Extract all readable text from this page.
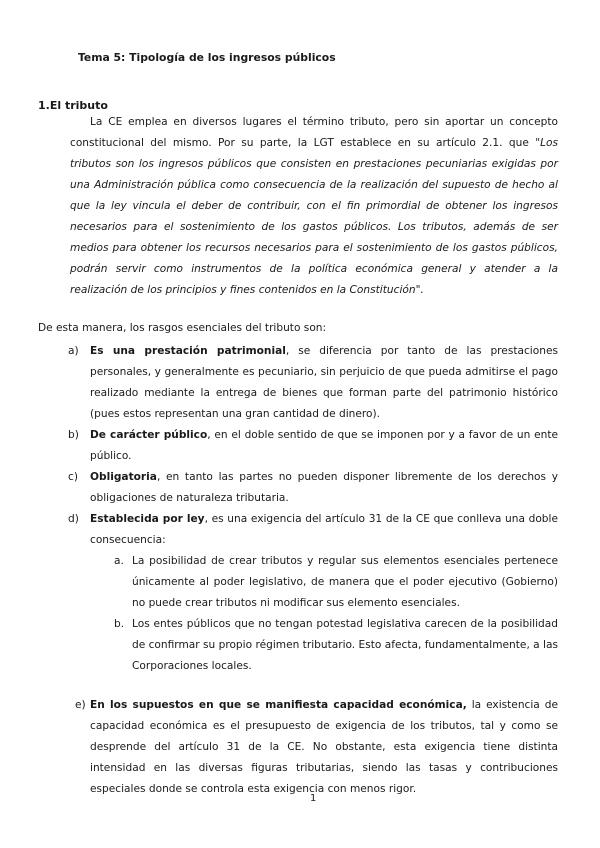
Tema 5: Tipología de los ingresos públicos
1.El tributo

La CE emplea en diversos lugares el término tributo, pero sin aportar un concepto constitucional del mismo. Por su parte, la LGT establece en su artículo 2.1. que "Los tributos son los ingresos públicos que consisten en prestaciones pecuniarias exigidas por una Administración pública como consecuencia de la realización del supuesto de hecho al que la ley vincula el deber de contribuir, con el fin primordial de obtener los ingresos necesarios para el sostenimiento de los gastos públicos. Los tributos, además de ser medios para obtener los recursos necesarios para el sostenimiento de los gastos públicos, podrán servir como instrumentos de la política económica general y atender a la realización de los principios y fines contenidos en la Constitución".

De esta manera, los rasgos esenciales del tributo son:

a) Es una prestación patrimonial, se diferencia por tanto de las prestaciones personales, y generalmente es pecuniario, sin perjuicio de que pueda admitirse el pago realizado mediante la entrega de bienes que forman parte del patrimonio histórico (pues estos representan una gran cantidad de dinero).

b) De carácter público, en el doble sentido de que se imponen por y a favor de un ente público.

c) Obligatoria, en tanto las partes no pueden disponer libremente de los derechos y obligaciones de naturaleza tributaria.

d) Establecida por ley, es una exigencia del artículo 31 de la CE que conlleva una doble consecuencia:

a. La posibilidad de crear tributos y regular sus elementos esenciales pertenece únicamente al poder legislativo, de manera que el poder ejecutivo (Gobierno) no puede crear tributos ni modificar sus elemento esenciales.

b. Los entes públicos que no tengan potestad legislativa carecen de la posibilidad de confirmar su propio régimen tributario. Esto afecta, fundamentalmente, a las Corporaciones locales.

e) En los supuestos en que se manifiesta capacidad económica, la existencia de capacidad económica es el presupuesto de exigencia de los tributos, tal y como se desprende del artículo 31 de la CE. No obstante, esta exigencia tiene distinta intensidad en las diversas figuras tributarias, siendo las tasas y contribuciones especiales donde se controla esta exigencia con menos rigor.

1
